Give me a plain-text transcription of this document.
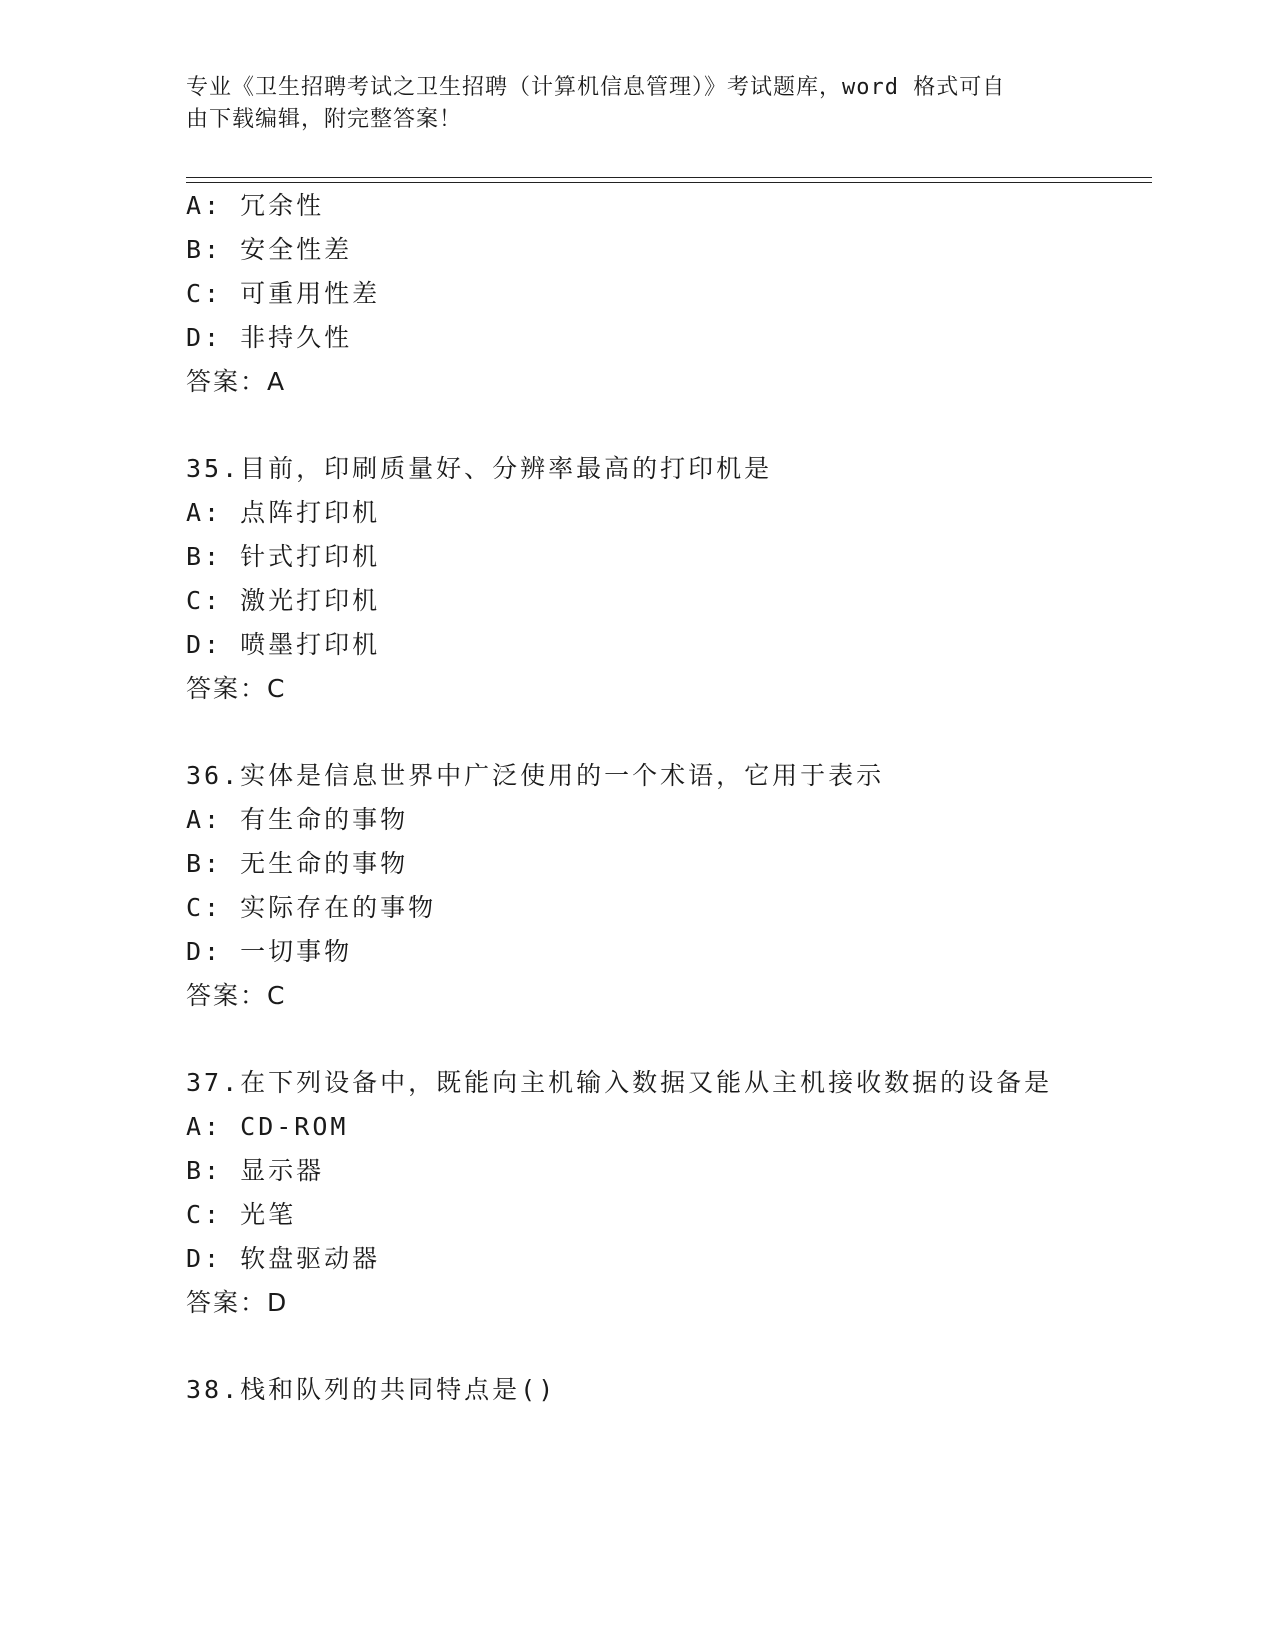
专业《卫生招聘考试之卫生招聘（计算机信息管理）》考试题库，word 格式可自
由下载编辑，附完整答案！
A: 冗余性
B: 安全性差
C: 可重用性差
D: 非持久性
答案：A
35.目前，印刷质量好、分辨率最高的打印机是
A: 点阵打印机
B: 针式打印机
C: 激光打印机
D: 喷墨打印机
答案：C
36.实体是信息世界中广泛使用的一个术语，它用于表示
A: 有生命的事物
B: 无生命的事物
C: 实际存在的事物
D: 一切事物
答案：C
37.在下列设备中，既能向主机输入数据又能从主机接收数据的设备是
A: CD-ROM
B: 显示器
C: 光笔
D: 软盘驱动器
答案：D
38.栈和队列的共同特点是()
